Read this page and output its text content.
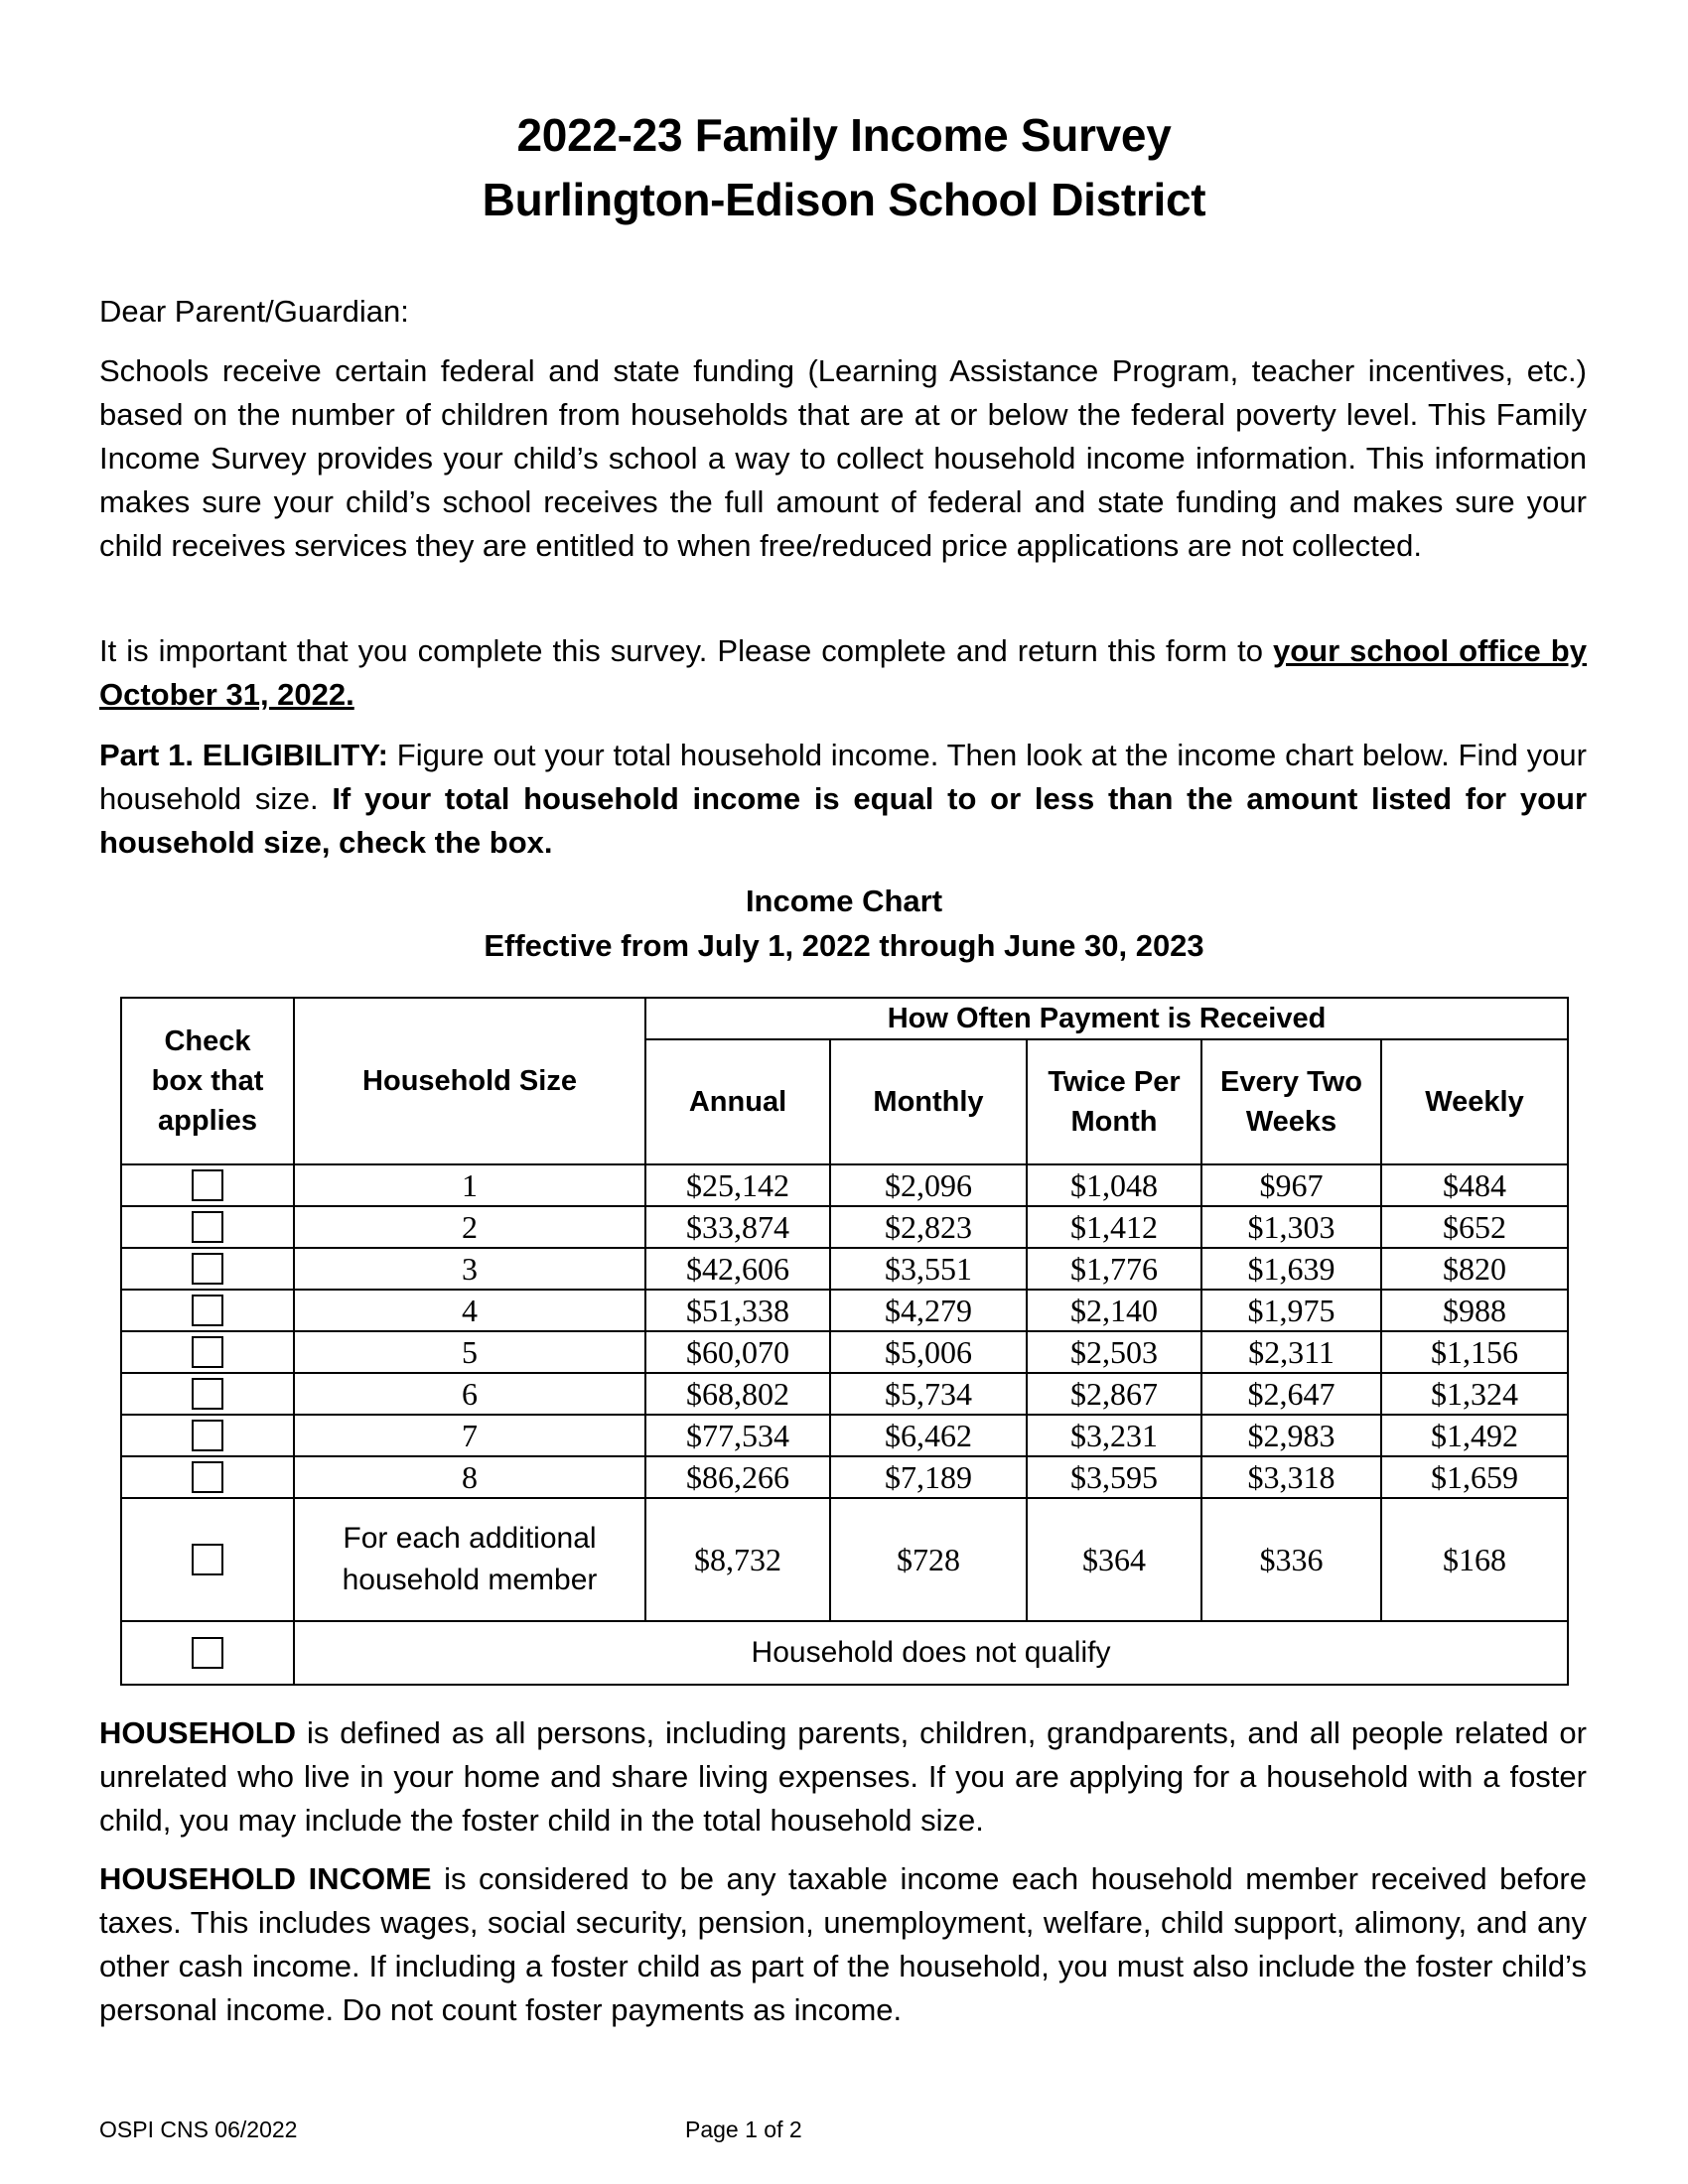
2022-23 Family Income Survey
Burlington-Edison School District

Dear Parent/Guardian:

Schools receive certain federal and state funding (Learning Assistance Program, teacher incentives, etc.) based on the number of children from households that are at or below the federal poverty level. This Family Income Survey provides your child’s school a way to collect household income information. This information makes sure your child’s school receives the full amount of federal and state funding and makes sure your child receives services they are entitled to when free/reduced price applications are not collected.

It is important that you complete this survey. Please complete and return this form to your school office by October 31, 2022.

Part 1. ELIGIBILITY: Figure out your total household income. Then look at the income chart below. Find your household size. If your total household income is equal to or less than the amount listed for your household size, check the box.

Income Chart
Effective from July 1, 2022 through June 30, 2023
Check box that applies	Household Size	How Often Payment is Received				
		Annual	Monthly	Twice Per Month	Every Two Weeks	Weekly
	1	$25,142	$2,096	$1,048	$967	$484
	2	$33,874	$2,823	$1,412	$1,303	$652
	3	$42,606	$3,551	$1,776	$1,639	$820
	4	$51,338	$4,279	$2,140	$1,975	$988
	5	$60,070	$5,006	$2,503	$2,311	$1,156
	6	$68,802	$5,734	$2,867	$2,647	$1,324
	7	$77,534	$6,462	$3,231	$2,983	$1,492
	8	$86,266	$7,189	$3,595	$3,318	$1,659
	For each additional household member	$8,732	$728	$364	$336	$168
	Household does not qualify					

HOUSEHOLD is defined as all persons, including parents, children, grandparents, and all people related or unrelated who live in your home and share living expenses. If you are applying for a household with a foster child, you may include the foster child in the total household size.

HOUSEHOLD INCOME is considered to be any taxable income each household member received before taxes. This includes wages, social security, pension, unemployment, welfare, child support, alimony, and any other cash income. If including a foster child as part of the household, you must also include the foster child’s personal income. Do not count foster payments as income.

OSPI CNS 06/2022	Page 1 of 2
